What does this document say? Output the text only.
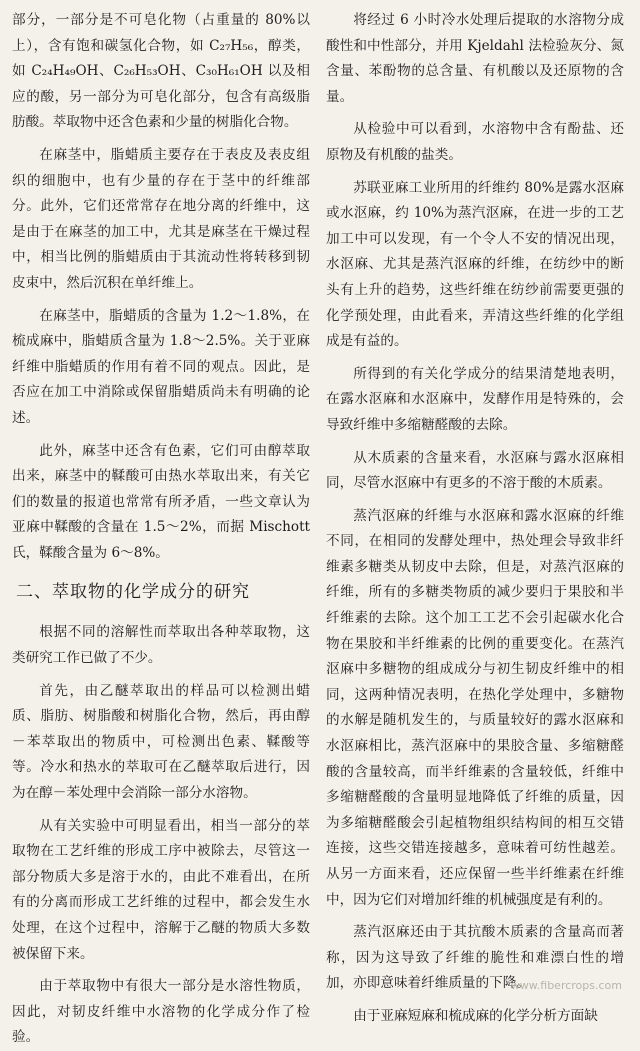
部分，一部分是不可皂化物（占重量的 80%以上），含有饱和碳氢化合物，如 C₂₇H₅₆，醇类，如 C₂₄H₄₉OH、C₂₆H₅₃OH、C₃₀H₆₁OH 以及相应的酸，另一部分为可皂化部分，包含有高级脂肪酸。萃取物中还含色素和少量的树脂化合物。

在麻茎中，脂蜡质主要存在于表皮及表皮组织的细胞中，也有少量的存在于茎中的纤维部分。此外，它们还常常存在地分离的纤维中，这是由于在麻茎的加工中，尤其是麻茎在干燥过程中，相当比例的脂蜡质由于其流动性将转移到韧皮束中，然后沉积在单纤维上。

在麻茎中，脂蜡质的含量为 1.2～1.8%，在梳成麻中，脂蜡质含量为 1.8～2.5%。关于亚麻纤维中脂蜡质的作用有着不同的观点。因此，是否应在加工中消除或保留脂蜡质尚未有明确的论述。

此外，麻茎中还含有色素，它们可由醇萃取出来，麻茎中的鞣酸可由热水萃取出来，有关它们的数量的报道也常常有所矛盾，一些文章认为亚麻中鞣酸的含量在 1.5～2%，而据 Mischott 氏，鞣酸含量为 6～8%。

二、萃取物的化学成分的研究

根据不同的溶解性而萃取出各种萃取物，这类研究工作已做了不少。

首先，由乙醚萃取出的样品可以检测出蜡质、脂肪、树脂酸和树脂化合物，然后，再由醇－苯萃取出的物质中，可检测出色素、鞣酸等等。冷水和热水的萃取可在乙醚萃取后进行，因为在醇－苯处理中会消除一部分水溶物。

从有关实验中可明显看出，相当一部分的萃取物在工艺纤维的形成工序中被除去，尽管这一部分物质大多是溶于水的，由此不难看出，在所有的分离而形成工艺纤维的过程中，都会发生水处理，在这个过程中，溶解于乙醚的物质大多数被保留下来。

由于萃取物中有很大一部分是水溶性物质，因此，对韧皮纤维中水溶物的化学成分作了检验。

将经过 6 小时冷水处理后提取的水溶物分成酸性和中性部分，并用 Kjeldahl 法检验灰分、氮含量、苯酚物的总含量、有机酸以及还原物的含量。

从检验中可以看到，水溶物中含有酚盐、还原物及有机酸的盐类。

苏联亚麻工业所用的纤维约 80%是露水沤麻或水沤麻，约 10%为蒸汽沤麻，在进一步的工艺加工中可以发现，有一个令人不安的情况出现，水沤麻、尤其是蒸汽沤麻的纤维，在纺纱中的断头有上升的趋势，这些纤维在纺纱前需要更强的化学预处理，由此看来，弄清这些纤维的化学组成是有益的。

所得到的有关化学成分的结果清楚地表明，在露水沤麻和水沤麻中，发酵作用是特殊的，会导致纤维中多缩糖醛酸的去除。

从木质素的含量来看，水沤麻与露水沤麻相同，尽管水沤麻中有更多的不溶于酸的木质素。

蒸汽沤麻的纤维与水沤麻和露水沤麻的纤维不同，在相同的发酵处理中，热处理会导致非纤维素多糖类从韧皮中去除，但是，对蒸汽沤麻的纤维，所有的多糖类物质的减少要归于果胶和半纤维素的去除。这个加工工艺不会引起碳水化合物在果胶和半纤维素的比例的重要变化。在蒸汽沤麻中多糖物的组成成分与初生韧皮纤维中的相同，这两种情况表明，在热化学处理中，多糖物的水解是随机发生的，与质量较好的露水沤麻和水沤麻相比，蒸汽沤麻中的果胶含量、多缩糖醛酸的含量较高，而半纤维素的含量较低，纤维中多缩糖醛酸的含量明显地降低了纤维的质量，因为多缩糖醛酸会引起植物组织结构间的相互交错连接，这些交错连接越多，意味着可纺性越差。从另一方面来看，还应保留一些半纤维素在纤维中，因为它们对增加纤维的机械强度是有利的。

蒸汽沤麻还由于其抗酸木质素的含量高而著称，因为这导致了纤维的脆性和难漂白性的增加，亦即意味着纤维质量的下降。

由于亚麻短麻和梳成麻的化学分析方面缺

www.fibercrops.com
